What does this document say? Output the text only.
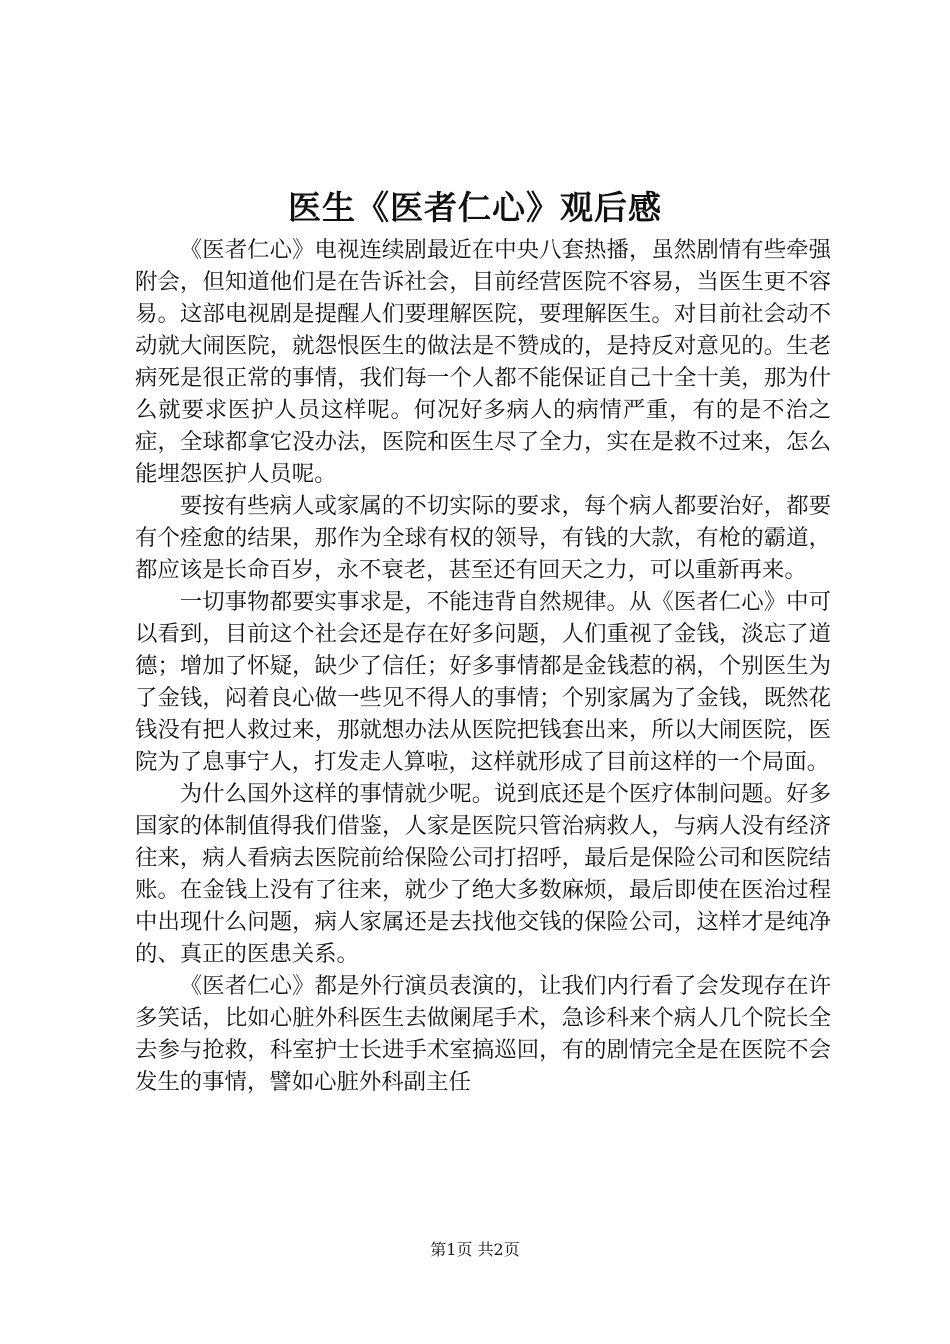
医生《医者仁心》观后感

《医者仁心》电视连续剧最近在中央八套热播，虽然剧情有些牵强附会，但知道他们是在告诉社会，目前经营医院不容易，当医生更不容易。这部电视剧是提醒人们要理解医院，要理解医生。对目前社会动不动就大闹医院，就怨恨医生的做法是不赞成的，是持反对意见的。生老病死是很正常的事情，我们每一个人都不能保证自己十全十美，那为什么就要求医护人员这样呢。何况好多病人的病情严重，有的是不治之症，全球都拿它没办法，医院和医生尽了全力，实在是救不过来，怎么能埋怨医护人员呢。

要按有些病人或家属的不切实际的要求，每个病人都要治好，都要有个痊愈的结果，那作为全球有权的领导，有钱的大款，有枪的霸道，都应该是长命百岁，永不衰老，甚至还有回天之力，可以重新再来。

一切事物都要实事求是，不能违背自然规律。从《医者仁心》中可以看到，目前这个社会还是存在好多问题，人们重视了金钱，淡忘了道德；增加了怀疑，缺少了信任；好多事情都是金钱惹的祸，个别医生为了金钱，闷着良心做一些见不得人的事情；个别家属为了金钱，既然花钱没有把人救过来，那就想办法从医院把钱套出来，所以大闹医院，医院为了息事宁人，打发走人算啦，这样就形成了目前这样的一个局面。

为什么国外这样的事情就少呢。说到底还是个医疗体制问题。好多国家的体制值得我们借鉴，人家是医院只管治病救人，与病人没有经济往来，病人看病去医院前给保险公司打招呼，最后是保险公司和医院结账。在金钱上没有了往来，就少了绝大多数麻烦，最后即使在医治过程中出现什么问题，病人家属还是去找他交钱的保险公司，这样才是纯净的、真正的医患关系。

《医者仁心》都是外行演员表演的，让我们内行看了会发现存在许多笑话，比如心脏外科医生去做阑尾手术，急诊科来个病人几个院长全去参与抢救，科室护士长进手术室搞巡回，有的剧情完全是在医院不会发生的事情，譬如心脏外科副主任

第1页 共2页
